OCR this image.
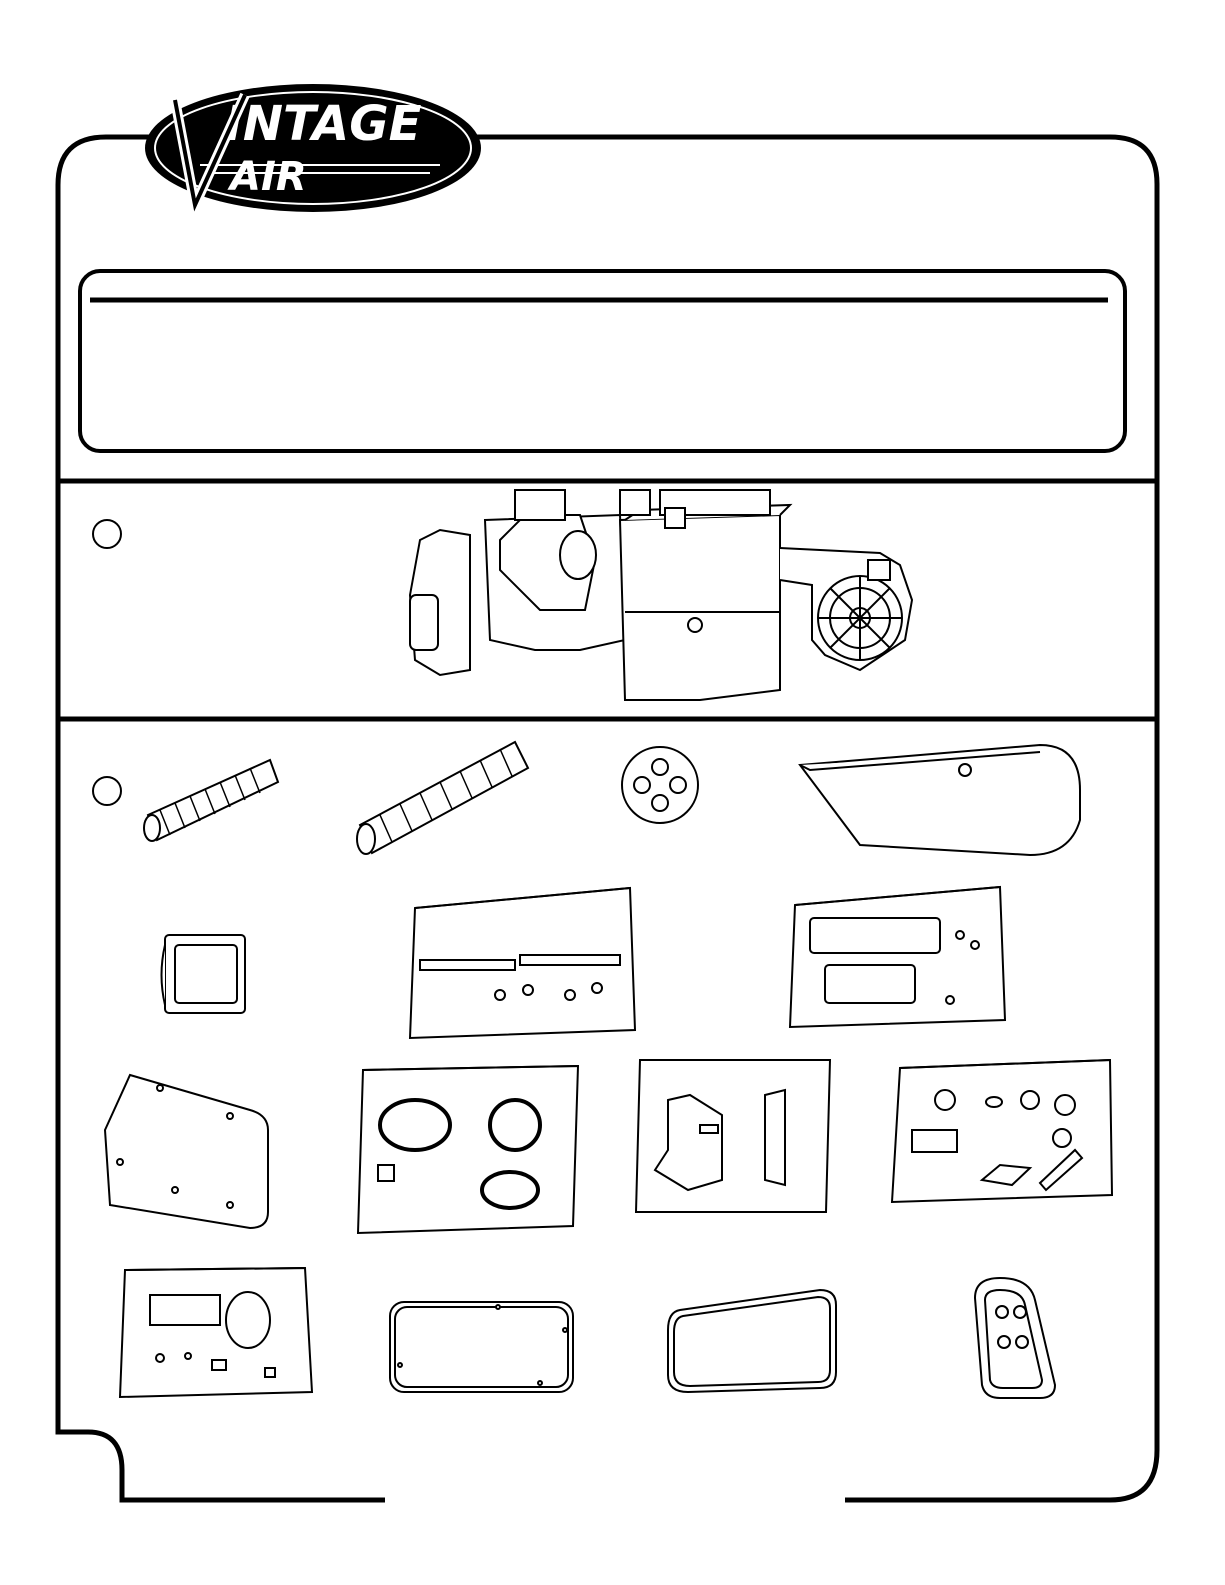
INTAGE
AIR
